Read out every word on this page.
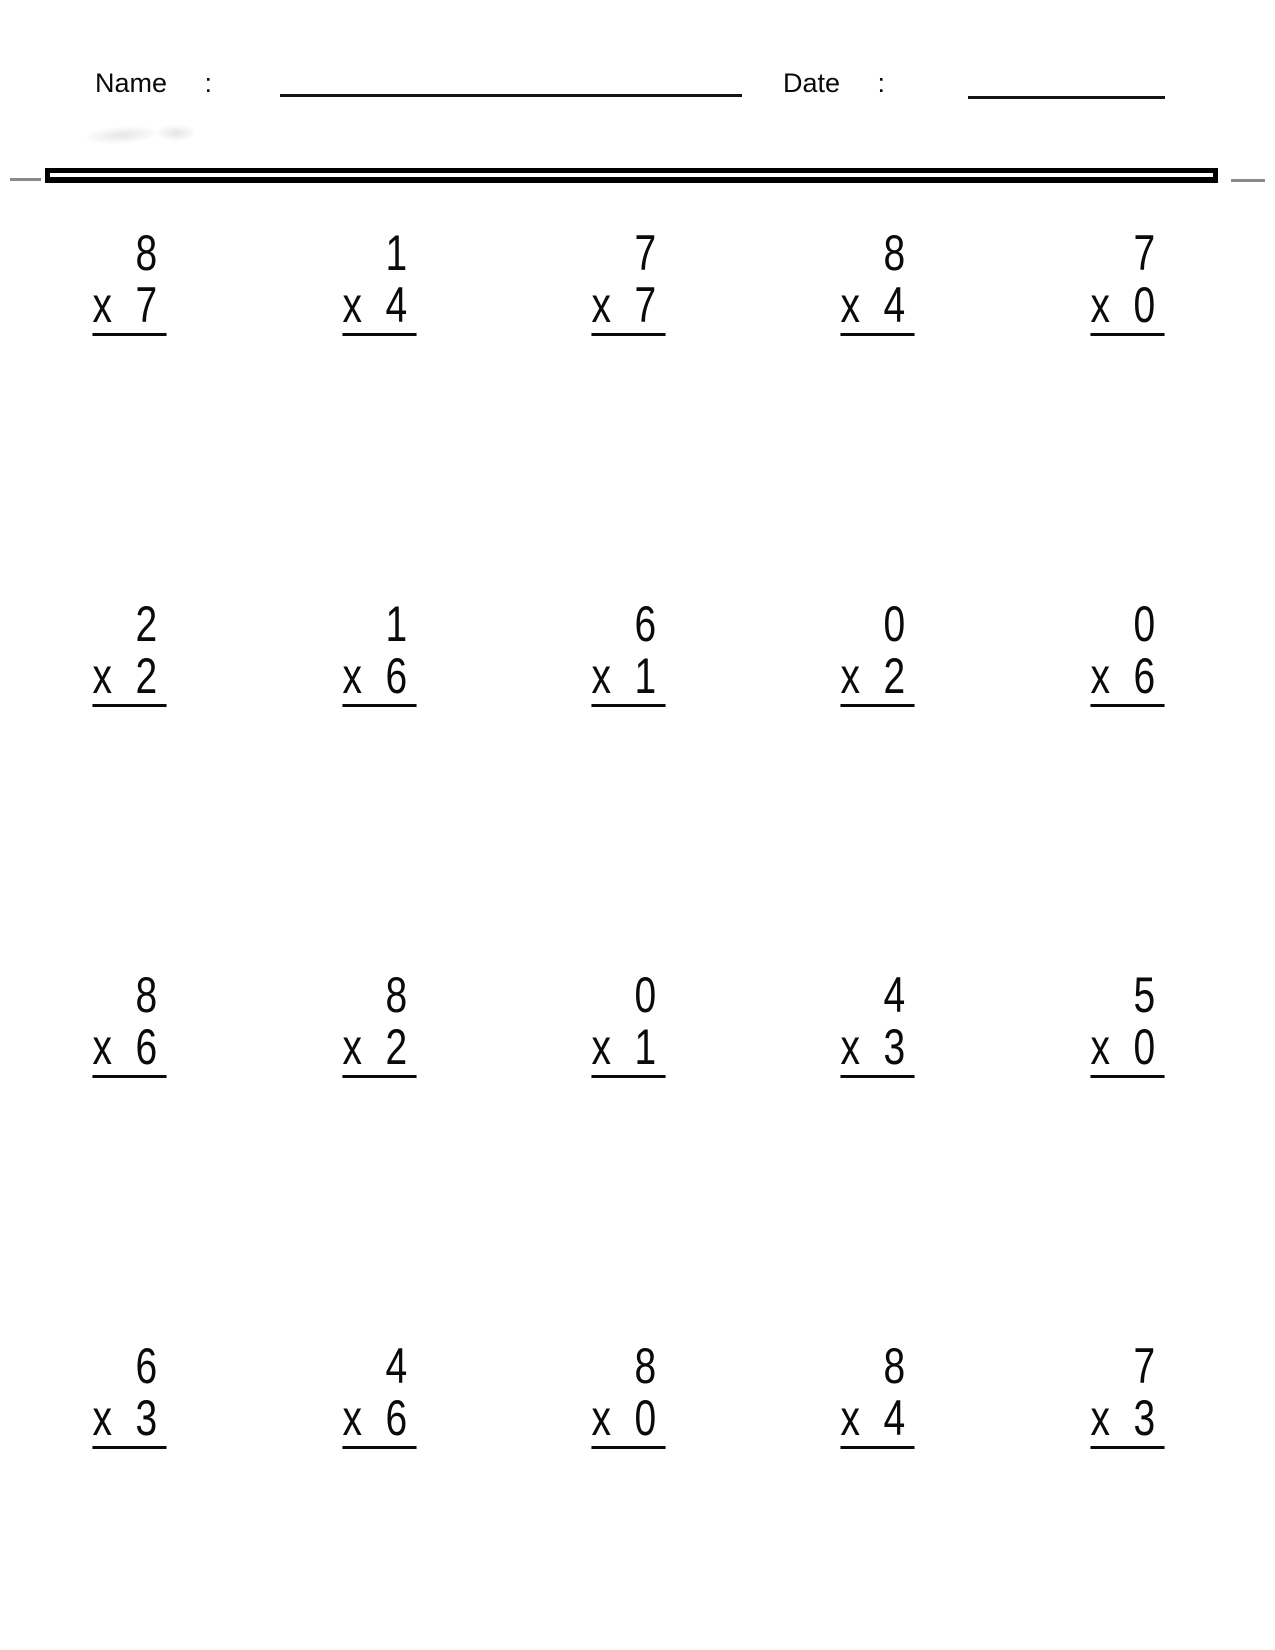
Name :	Date :
8
x 7
1
x 4
7
x 7
8
x 4
7
x 0
2
x 2
1
x 6
6
x 1
0
x 2
0
x 6
8
x 6
8
x 2
0
x 1
4
x 3
5
x 0
6
x 3
4
x 6
8
x 0
8
x 4
7
x 3
